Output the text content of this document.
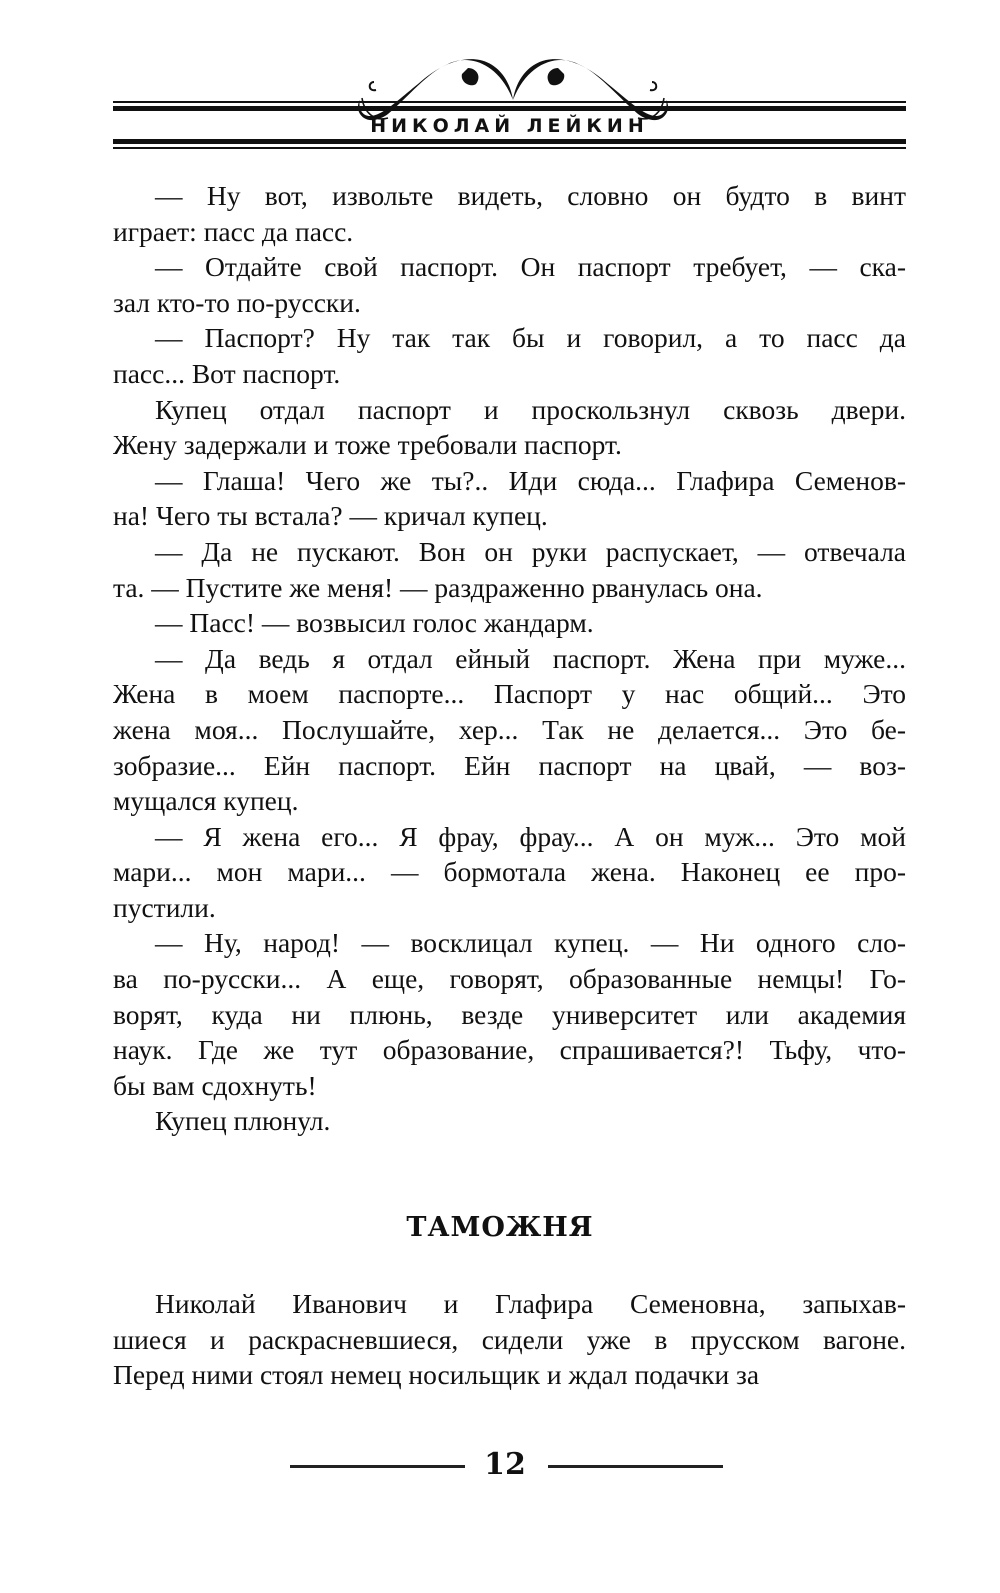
НИКОЛАЙ ЛЕЙКИН
— Ну вот, извольте видеть, словно он будто в винт
играет: пасс да пасс.
— Отдайте свой паспорт. Он паспорт требует, — ска-
зал кто-то по-русски.
— Паспорт? Ну так так бы и говорил, а то пасс да
пасс... Вот паспорт.
Купец отдал паспорт и проскользнул сквозь двери.
Жену задержали и тоже требовали паспорт.
— Глаша! Чего же ты?.. Иди сюда... Глафира Семенов-
на! Чего ты встала? — кричал купец.
— Да не пускают. Вон он руки распускает, — отвечала
та. — Пустите же меня! — раздраженно рванулась она.
— Пасс! — возвысил голос жандарм.
— Да ведь я отдал ейный паспорт. Жена при муже...
Жена в моем паспорте... Паспорт у нас общий... Это
жена моя... Послушайте, хер... Так не делается... Это бе-
зобразие... Ейн паспорт. Ейн паспорт на цвай, — воз-
мущался купец.
— Я жена его... Я фрау, фрау... А он муж... Это мой
мари... мон мари... — бормотала жена. Наконец ее про-
пустили.
— Ну, народ! — восклицал купец. — Ни одного сло-
ва по-русски... А еще, говорят, образованные немцы! Го-
ворят, куда ни плюнь, везде университет или академия
наук. Где же тут образование, спрашивается?! Тьфу, что-
бы вам сдохнуть!
Купец плюнул.
ТАМОЖНЯ
Николай Иванович и Глафира Семеновна, запыхав-
шиеся и раскрасневшиеся, сидели уже в прусском вагоне.
Перед ними стоял немец носильщик и ждал подачки за
12
